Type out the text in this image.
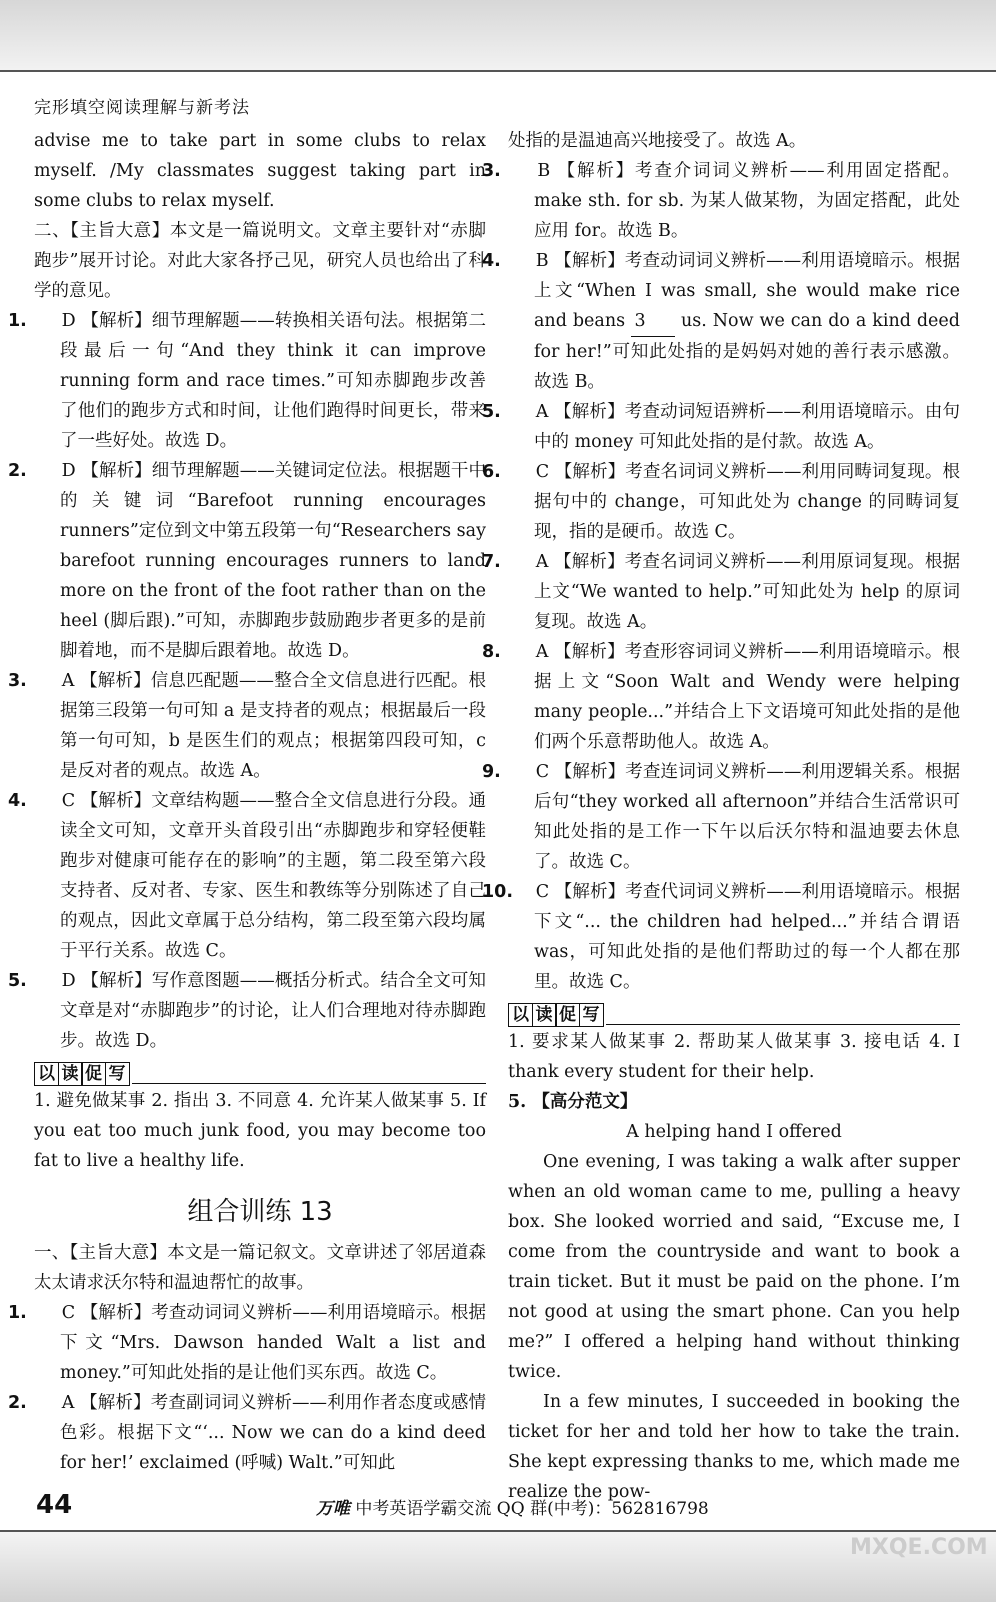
完形填空阅读理解与新考法

advise me to take part in some clubs to relax myself. /My classmates suggest taking part in some clubs to relax myself.

二、【主旨大意】本文是一篇说明文。文章主要针对“赤脚跑步”展开讨论。对此大家各抒己见，研究人员也给出了科学的意见。

1. D 【解析】细节理解题——转换相关语句法。根据第二段最后一句“And they think it can improve running form and race times.”可知赤脚跑步改善了他们的跑步方式和时间，让他们跑得时间更长，带来了一些好处。故选 D。

2. D 【解析】细节理解题——关键词定位法。根据题干中的关键词“Barefoot running encourages runners”定位到文中第五段第一句“Researchers say barefoot running encourages runners to land more on the front of the foot rather than on the heel (脚后跟).”可知，赤脚跑步鼓励跑步者更多的是前脚着地，而不是脚后跟着地。故选 D。

3. A 【解析】信息匹配题——整合全文信息进行匹配。根据第三段第一句可知 a 是支持者的观点；根据最后一段第一句可知，b 是医生们的观点；根据第四段可知，c 是反对者的观点。故选 A。

4. C 【解析】文章结构题——整合全文信息进行分段。通读全文可知，文章开头首段引出“赤脚跑步和穿轻便鞋跑步对健康可能存在的影响”的主题，第二段至第六段支持者、反对者、专家、医生和教练等分别陈述了自己的观点，因此文章属于总分结构，第二段至第六段均属于平行关系。故选 C。

5. D 【解析】写作意图题——概括分析式。结合全文可知文章是对“赤脚跑步”的讨论，让人们合理地对待赤脚跑步。故选 D。

以 读 促 写

1. 避免做某事 2. 指出 3. 不同意 4. 允许某人做某事 5. If you eat too much junk food, you may become too fat to live a healthy life.

组合训练 13

一、【主旨大意】本文是一篇记叙文。文章讲述了邻居道森太太请求沃尔特和温迪帮忙的故事。

1. C 【解析】考查动词词义辨析——利用语境暗示。根据下文“Mrs. Dawson handed Walt a list and money.”可知此处指的是让他们买东西。故选 C。

2. A 【解析】考查副词词义辨析——利用作者态度或感情色彩。根据下文“‘... Now we can do a kind deed for her!’ exclaimed (呼喊) Walt.”可知此

处指的是温迪高兴地接受了。故选 A。

3. B 【解析】考查介词词义辨析——利用固定搭配。make sth. for sb. 为某人做某物，为固定搭配，此处应用 for。故选 B。

4. B 【解析】考查动词词义辨析——利用语境暗示。根据上文“When I was small, she would make rice and beans 3 us. Now we can do a kind deed for her!”可知此处指的是妈妈对她的善行表示感激。故选 B。

5. A 【解析】考查动词短语辨析——利用语境暗示。由句中的 money 可知此处指的是付款。故选 A。

6. C 【解析】考查名词词义辨析——利用同畴词复现。根据句中的 change，可知此处为 change 的同畴词复现，指的是硬币。故选 C。

7. A 【解析】考查名词词义辨析——利用原词复现。根据上文“We wanted to help.”可知此处为 help 的原词复现。故选 A。

8. A 【解析】考查形容词词义辨析——利用语境暗示。根据上文“Soon Walt and Wendy were helping many people...”并结合上下文语境可知此处指的是他们两个乐意帮助他人。故选 A。

9. C 【解析】考查连词词义辨析——利用逻辑关系。根据后句“they worked all afternoon”并结合生活常识可知此处指的是工作一下午以后沃尔特和温迪要去休息了。故选 C。

10. C 【解析】考查代词词义辨析——利用语境暗示。根据下文“... the children had helped...”并结合谓语 was，可知此处指的是他们帮助过的每一个人都在那里。故选 C。

以 读 促 写

1. 要求某人做某事 2. 帮助某人做某事 3. 接电话 4. I thank every student for their help.

5. 【高分范文】

A helping hand I offered

One evening, I was taking a walk after supper when an old woman came to me, pulling a heavy box. She looked worried and said, “Excuse me, I come from the countryside and want to book a train ticket. But it must be paid on the phone. I’m not good at using the smart phone. Can you help me?” I offered a helping hand without thinking twice.

In a few minutes, I succeeded in booking the ticket for her and told her how to take the train. She kept expressing thanks to me, which made me realize the pow-

44	万唯 中考英语学霸交流 QQ 群(中考)：562816798
MXQE.COM
